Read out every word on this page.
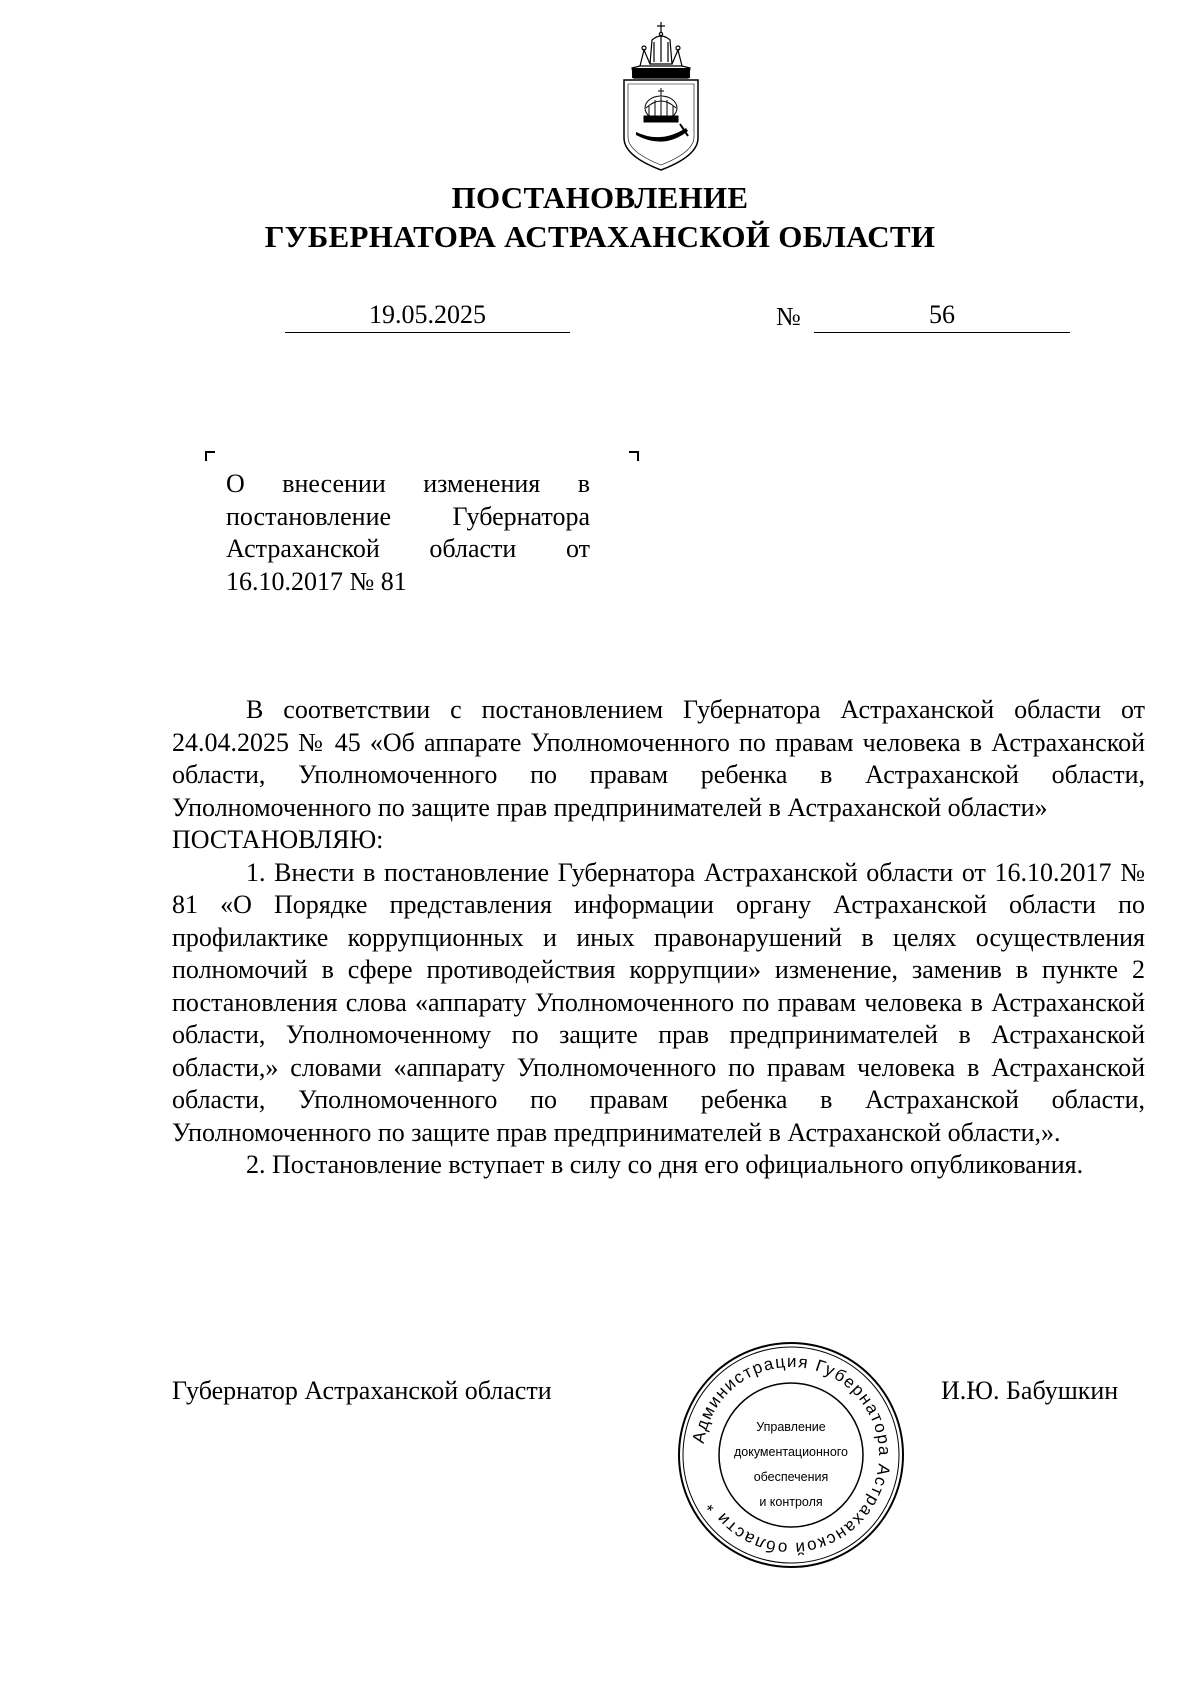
ПОСТАНОВЛЕНИЕ
ГУБЕРНАТОРА АСТРАХАНСКОЙ ОБЛАСТИ
19.05.2025	№	56
О внесении изменения в постановление Губернатора Астраханской области от
16.10.2017 № 81

В соответствии с постановлением Губернатора Астраханской области от 24.04.2025 № 45 «Об аппарате Уполномоченного по правам человека в Астраханской области, Уполномоченного по правам ребенка в Астраханской области, Уполномоченного по защите прав предпринимателей в Астраханской области»

ПОСТАНОВЛЯЮ:

1. Внести в постановление Губернатора Астраханской области от 16.10.2017 № 81 «О Порядке представления информации органу Астраханской области по профилактике коррупционных и иных правонарушений в целях осуществления полномочий в сфере противодействия коррупции» изменение, заменив в пункте 2 постановления слова «аппарату Уполномоченного по правам человека в Астраханской области, Уполномоченному по защите прав предпринимателей в Астраханской области,» словами «аппарату Уполномоченного по правам человека в Астраханской области, Уполномоченного по правам ребенка в Астраханской области, Уполномоченного по защите прав предпринимателей в Астраханской области,».

2. Постановление вступает в силу со дня его официального опубликования.

Губернатор Астраханской области	И.Ю. Бабушкин
Администрация Губернатора Астраханской области *
Управление
документационного
обеспечения
и контроля
